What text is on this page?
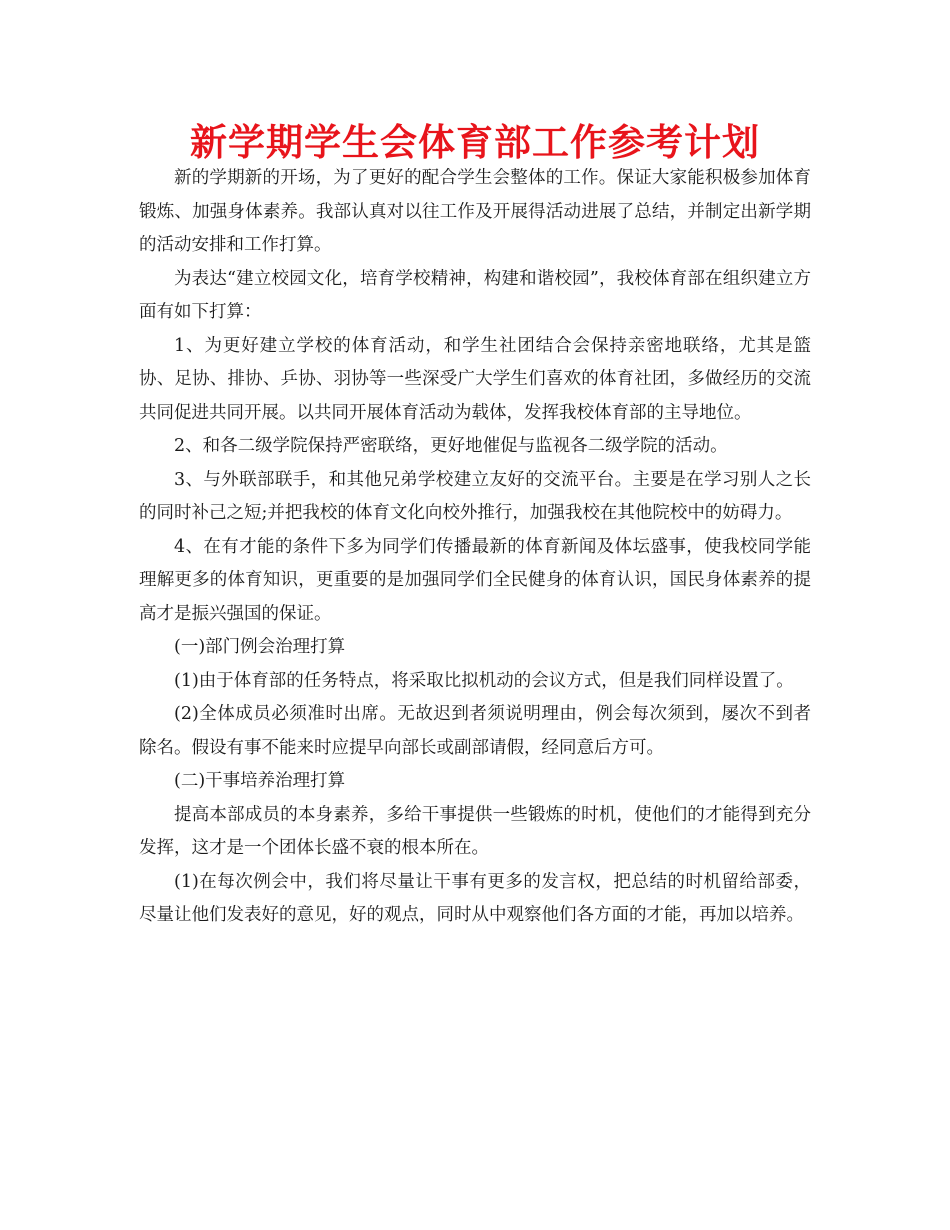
新学期学生会体育部工作参考计划

新的学期新的开场，为了更好的配合学生会整体的工作。保证大家能积极参加体育锻炼、加强身体素养。我部认真对以往工作及开展得活动进展了总结，并制定出新学期的活动安排和工作打算。

为表达“建立校园文化，培育学校精神，构建和谐校园”，我校体育部在组织建立方面有如下打算：

1、为更好建立学校的体育活动，和学生社团结合会保持亲密地联络，尤其是篮协、足协、排协、乒协、羽协等一些深受广大学生们喜欢的体育社团，多做经历的交流共同促进共同开展。以共同开展体育活动为载体，发挥我校体育部的主导地位。

2、和各二级学院保持严密联络，更好地催促与监视各二级学院的活动。

3、与外联部联手，和其他兄弟学校建立友好的交流平台。主要是在学习别人之长的同时补己之短;并把我校的体育文化向校外推行，加强我校在其他院校中的妨碍力。

4、在有才能的条件下多为同学们传播最新的体育新闻及体坛盛事，使我校同学能理解更多的体育知识，更重要的是加强同学们全民健身的体育认识，国民身体素养的提高才是振兴强国的保证。

(一)部门例会治理打算

(1)由于体育部的任务特点，将采取比拟机动的会议方式，但是我们同样设置了。

(2)全体成员必须准时出席。无故迟到者须说明理由，例会每次须到，屡次不到者除名。假设有事不能来时应提早向部长或副部请假，经同意后方可。

(二)干事培养治理打算

提高本部成员的本身素养，多给干事提供一些锻炼的时机，使他们的才能得到充分发挥，这才是一个团体长盛不衰的根本所在。

(1)在每次例会中，我们将尽量让干事有更多的发言权，把总结的时机留给部委，尽量让他们发表好的意见，好的观点，同时从中观察他们各方面的才能，再加以培养。
